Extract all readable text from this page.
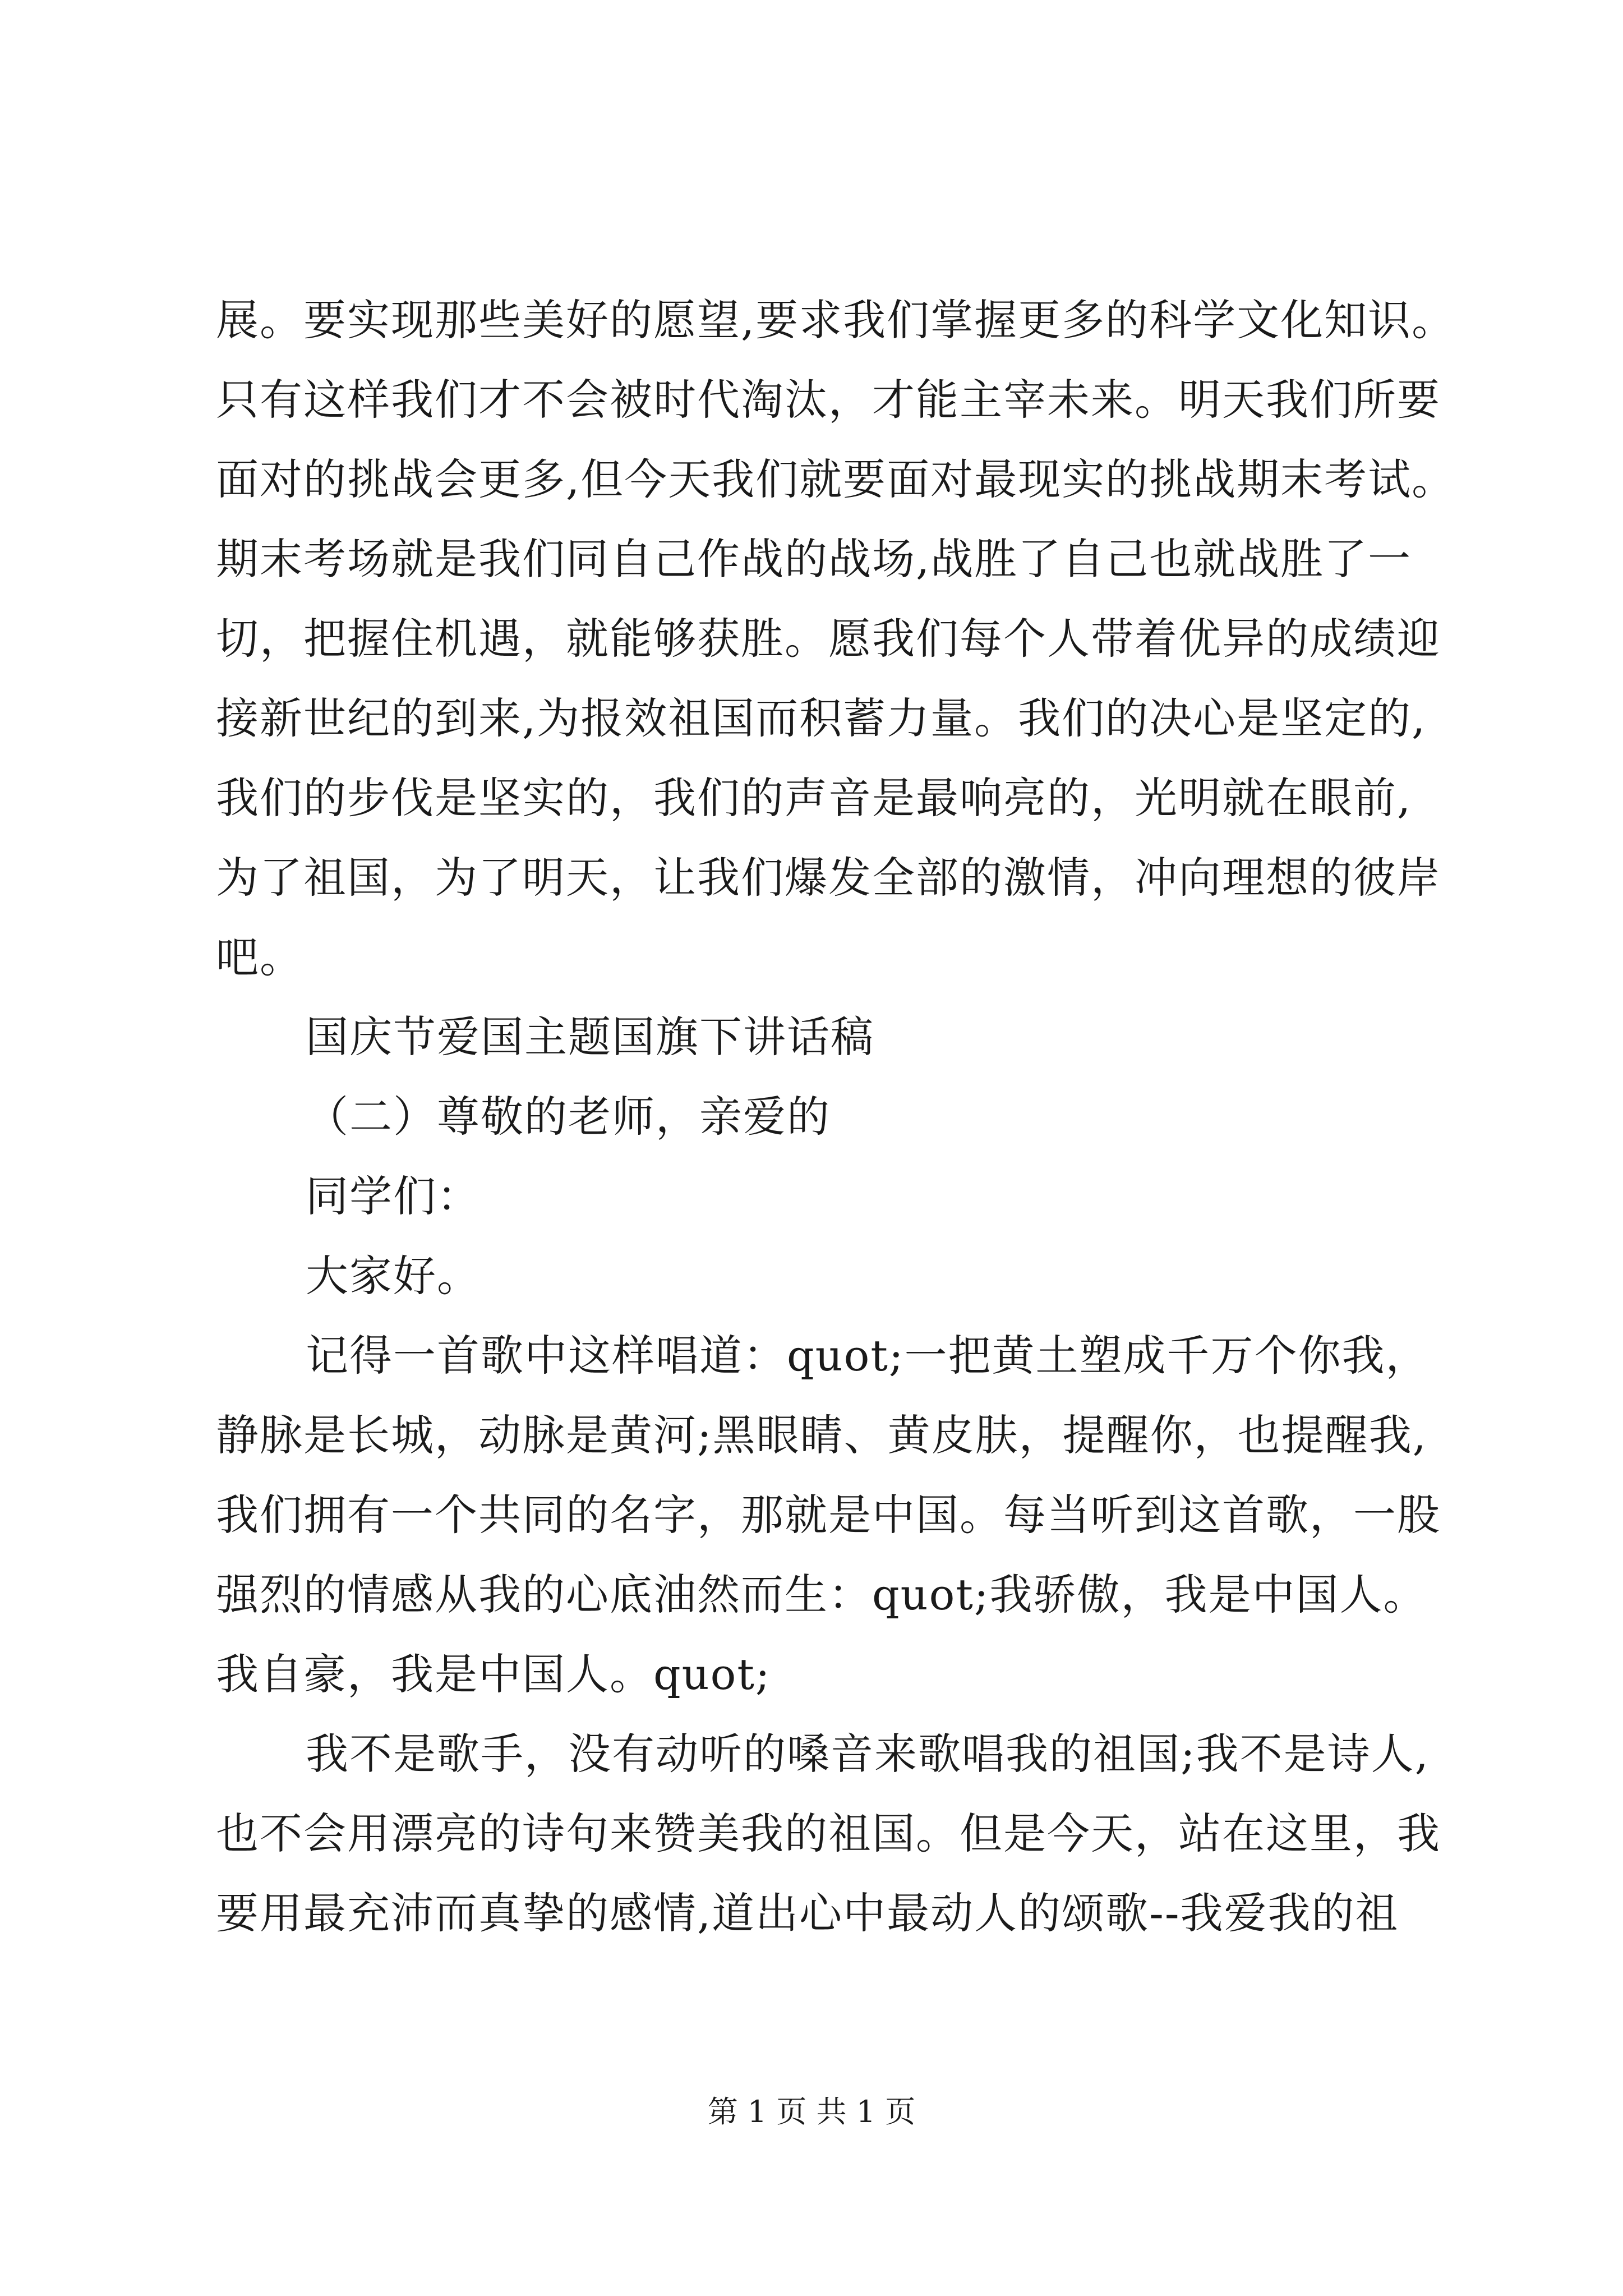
展。要实现那些美好的愿望,要求我们掌握更多的科学文化知识。
只有这样我们才不会被时代淘汰，才能主宰未来。明天我们所要
面对的挑战会更多,但今天我们就要面对最现实的挑战期末考试。
期末考场就是我们同自己作战的战场,战胜了自己也就战胜了一
切，把握住机遇，就能够获胜。愿我们每个人带着优异的成绩迎
接新世纪的到来,为报效祖国而积蓄力量。我们的决心是坚定的,
我们的步伐是坚实的，我们的声音是最响亮的，光明就在眼前,
为了祖国，为了明天，让我们爆发全部的激情，冲向理想的彼岸
吧。
国庆节爱国主题国旗下讲话稿
（二）尊敬的老师，亲爱的
同学们：
大家好。
记得一首歌中这样唱道：quot;一把黄土塑成千万个你我，
静脉是长城，动脉是黄河;黑眼睛、黄皮肤，提醒你，也提醒我,
我们拥有一个共同的名字，那就是中国。每当听到这首歌，一股
强烈的情感从我的心底油然而生：quot;我骄傲，我是中国人。
我自豪，我是中国人。quot;
我不是歌手，没有动听的嗓音来歌唱我的祖国;我不是诗人,
也不会用漂亮的诗句来赞美我的祖国。但是今天，站在这里，我
要用最充沛而真挚的感情,道出心中最动人的颂歌--我爱我的祖
第 1 页 共 1 页
